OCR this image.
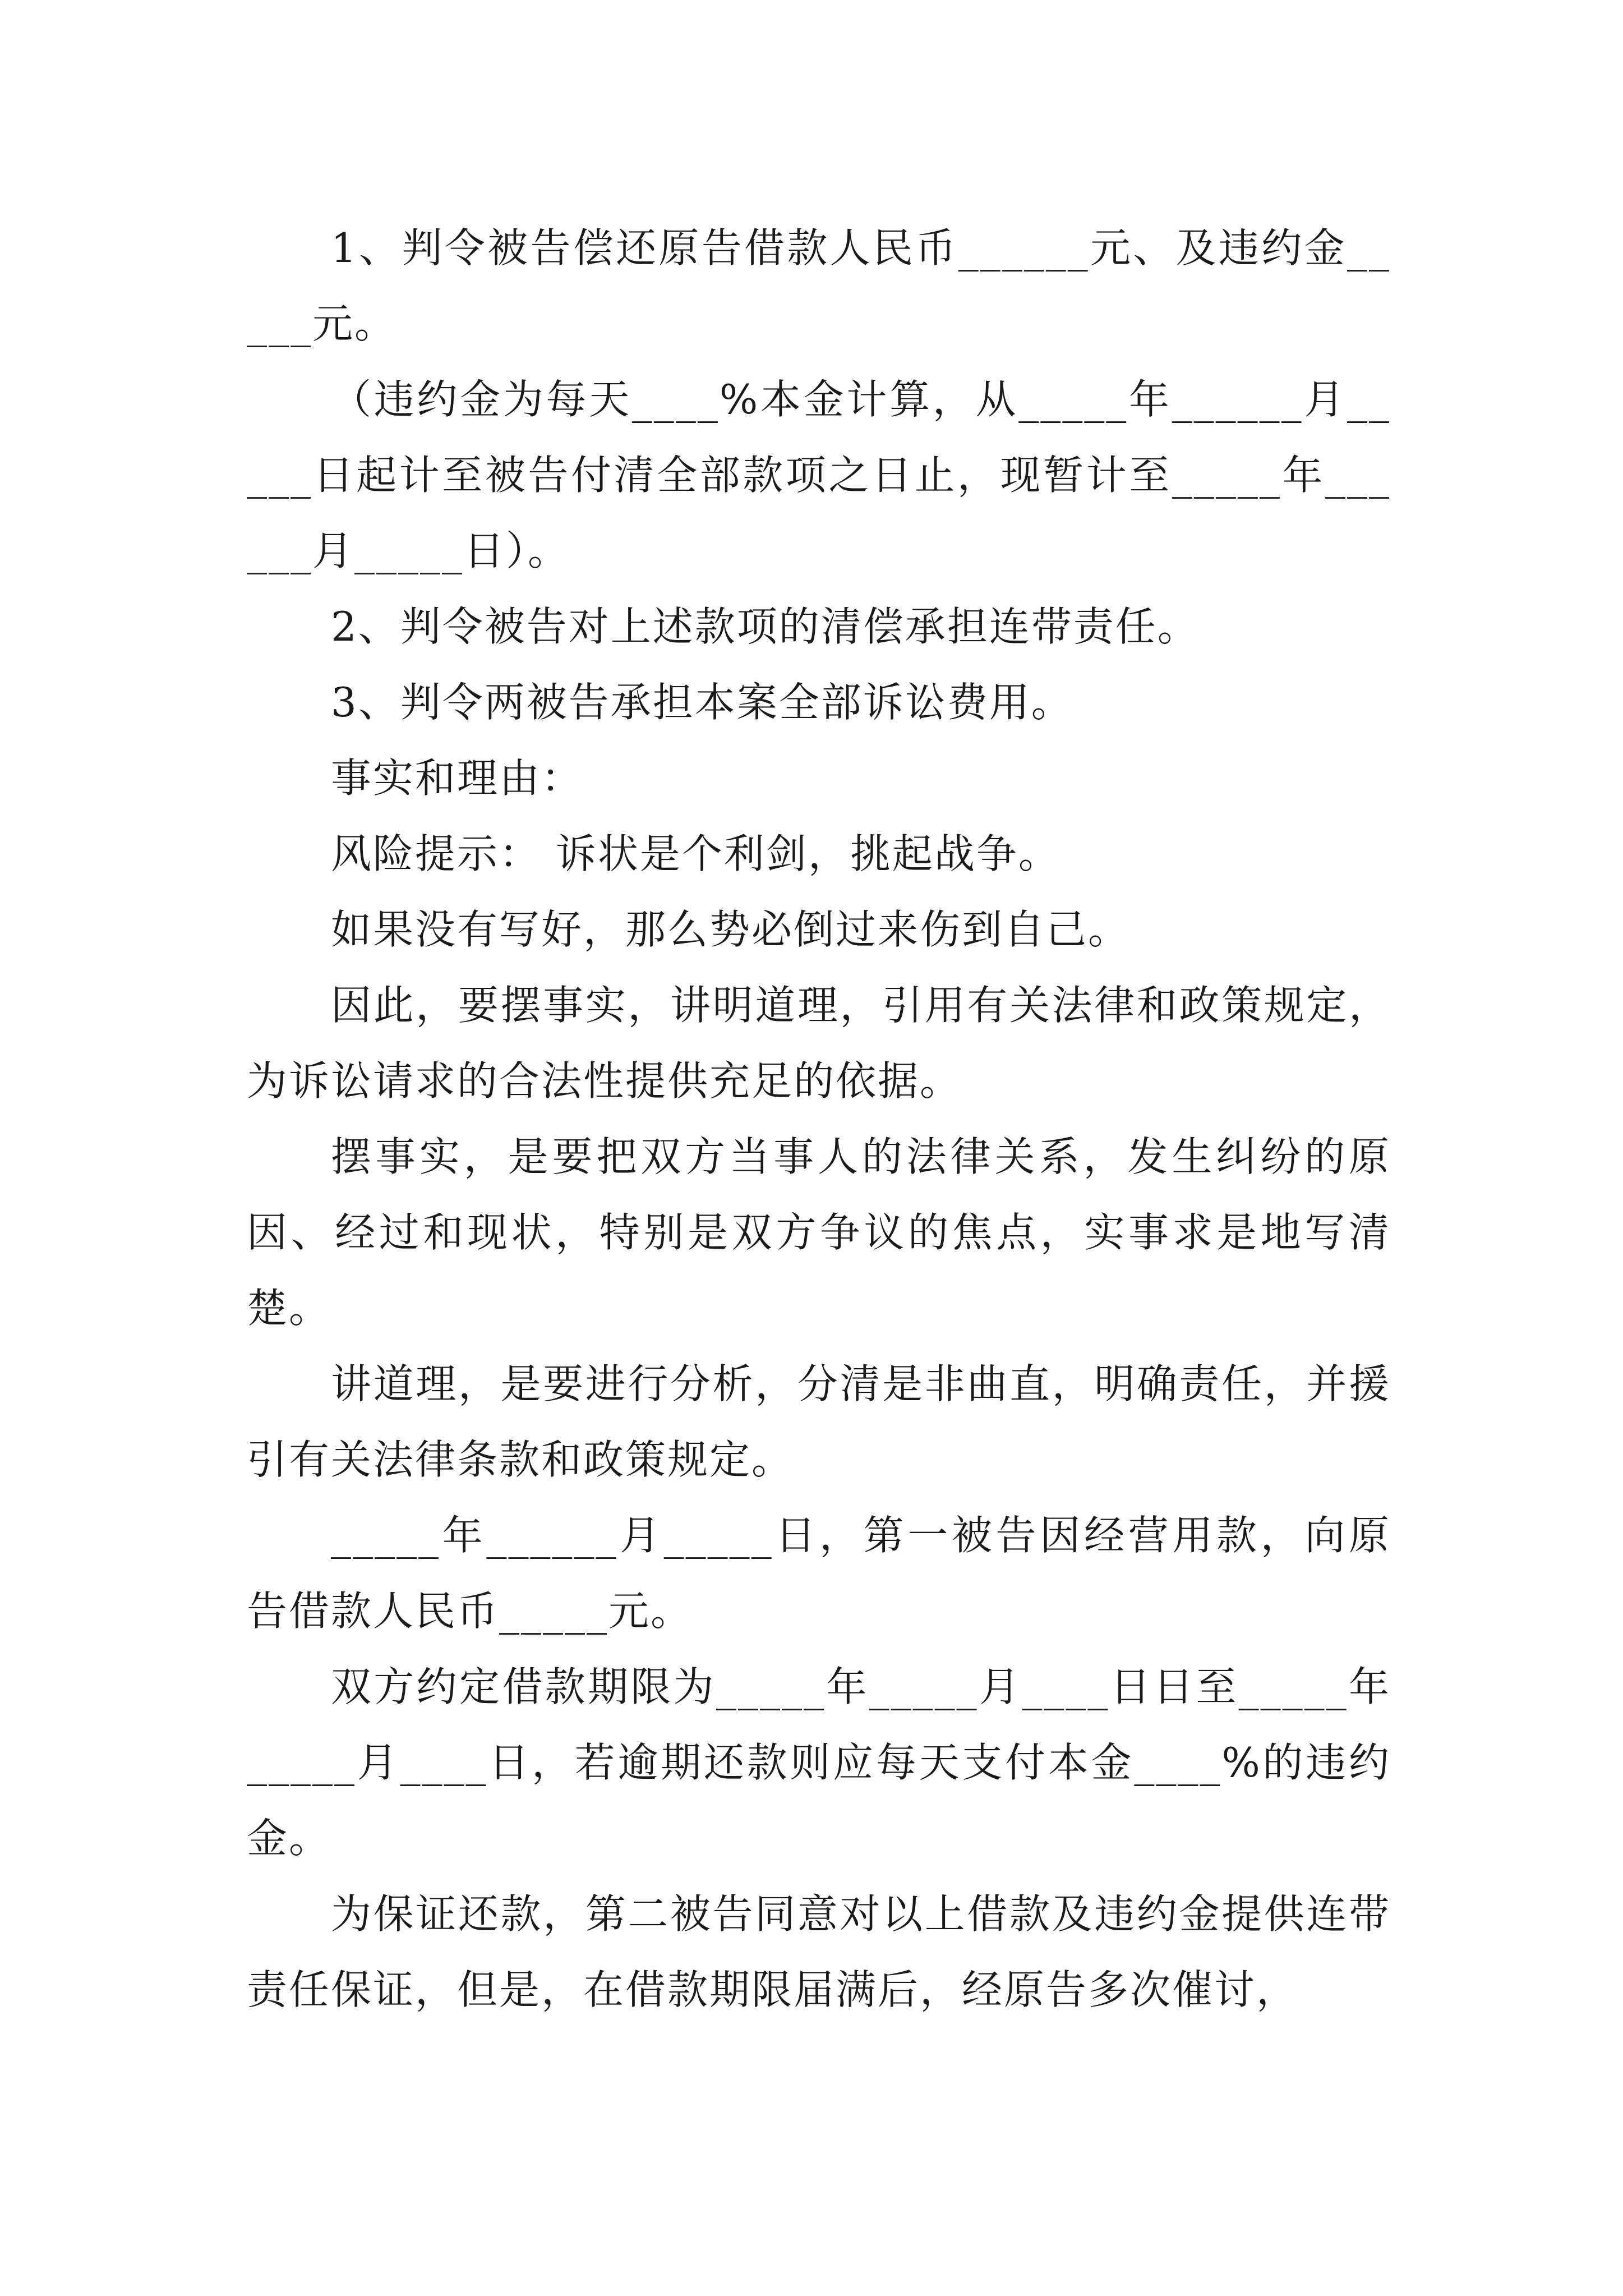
1、判令被告偿还原告借款人民币______元、及违约金_____元。

（违约金为每天____%本金计算，从_____年______月_____日起计至被告付清全部款项之日止，现暂计至_____年______月_____日）。

2、判令被告对上述款项的清偿承担连带责任。

3、判令两被告承担本案全部诉讼费用。

事实和理由：

风险提示： 诉状是个利剑，挑起战争。

如果没有写好，那么势必倒过来伤到自己。

因此，要摆事实，讲明道理，引用有关法律和政策规定，为诉讼请求的合法性提供充足的依据。

摆事实，是要把双方当事人的法律关系，发生纠纷的原因、经过和现状，特别是双方争议的焦点，实事求是地写清楚。

讲道理，是要进行分析，分清是非曲直，明确责任，并援引有关法律条款和政策规定。

_____年______月_____日，第一被告因经营用款，向原告借款人民币_____元。

双方约定借款期限为_____年_____月____日日至_____年_____月____日，若逾期还款则应每天支付本金____%的违约金。

为保证还款，第二被告同意对以上借款及违约金提供连带责任保证，但是，在借款期限届满后，经原告多次催讨，
